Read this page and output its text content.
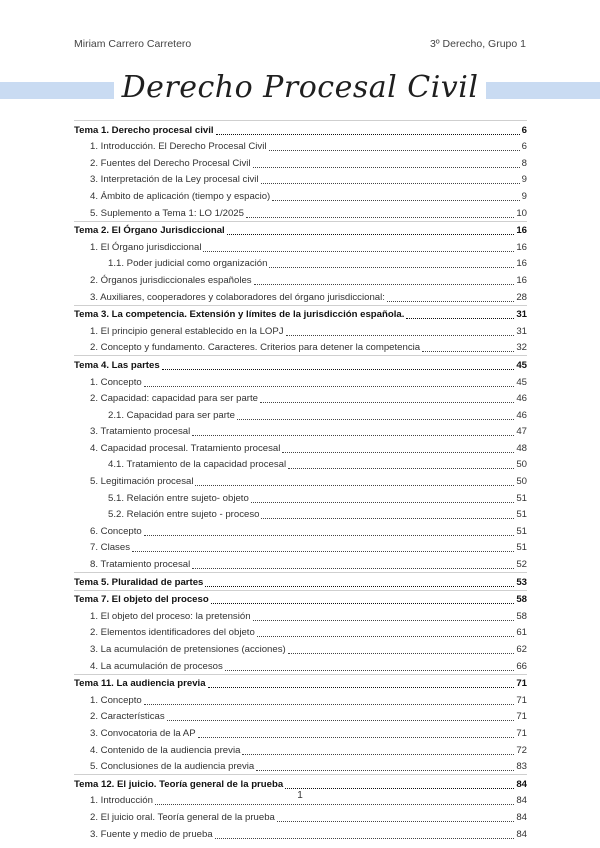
Miriam Carrero Carretero	3º Derecho, Grupo 1
Derecho Procesal Civil
Tema 1. Derecho procesal civil	6
1. Introducción. El Derecho Procesal Civil	6
2. Fuentes del Derecho Procesal Civil	8
3. Interpretación de la Ley procesal civil	9
4. Ámbito de aplicación (tiempo y espacio)	9
5. Suplemento a Tema 1: LO 1/2025	10
Tema 2. El Órgano Jurisdiccional	16
1. El Órgano jurisdiccional	16
1.1. Poder judicial como organización	16
2. Órganos jurisdiccionales españoles	16
3. Auxiliares, cooperadores y colaboradores del órgano jurisdiccional:	28
Tema 3. La competencia. Extensión y límites de la jurisdicción española.	31
1. El principio general establecido en la LOPJ	31
2. Concepto y fundamento. Caracteres. Criterios para detener la competencia	32
Tema 4. Las partes	45
1. Concepto	45
2. Capacidad: capacidad para ser parte	46
2.1. Capacidad para ser parte	46
3. Tratamiento procesal	47
4. Capacidad procesal. Tratamiento procesal	48
4.1. Tratamiento de la capacidad procesal	50
5. Legitimación procesal	50
5.1. Relación entre sujeto- objeto	51
5.2. Relación entre sujeto - proceso	51
6. Concepto	51
7. Clases	51
8. Tratamiento procesal	52
Tema 5. Pluralidad de partes	53
Tema 7. El objeto del proceso	58
1. El objeto del proceso: la pretensión	58
2. Elementos identificadores del objeto	61
3. La acumulación de pretensiones (acciones)	62
4. La acumulación de procesos	66
Tema 11. La audiencia previa	71
1. Concepto	71
2. Características	71
3. Convocatoria de la AP	71
4. Contenido de la audiencia previa	72
5. Conclusiones de la audiencia previa	83
Tema 12. El juicio. Teoría general de la prueba	84
1. Introducción	84
2. El juicio oral. Teoría general de la prueba	84
3. Fuente y medio de prueba	84
1
